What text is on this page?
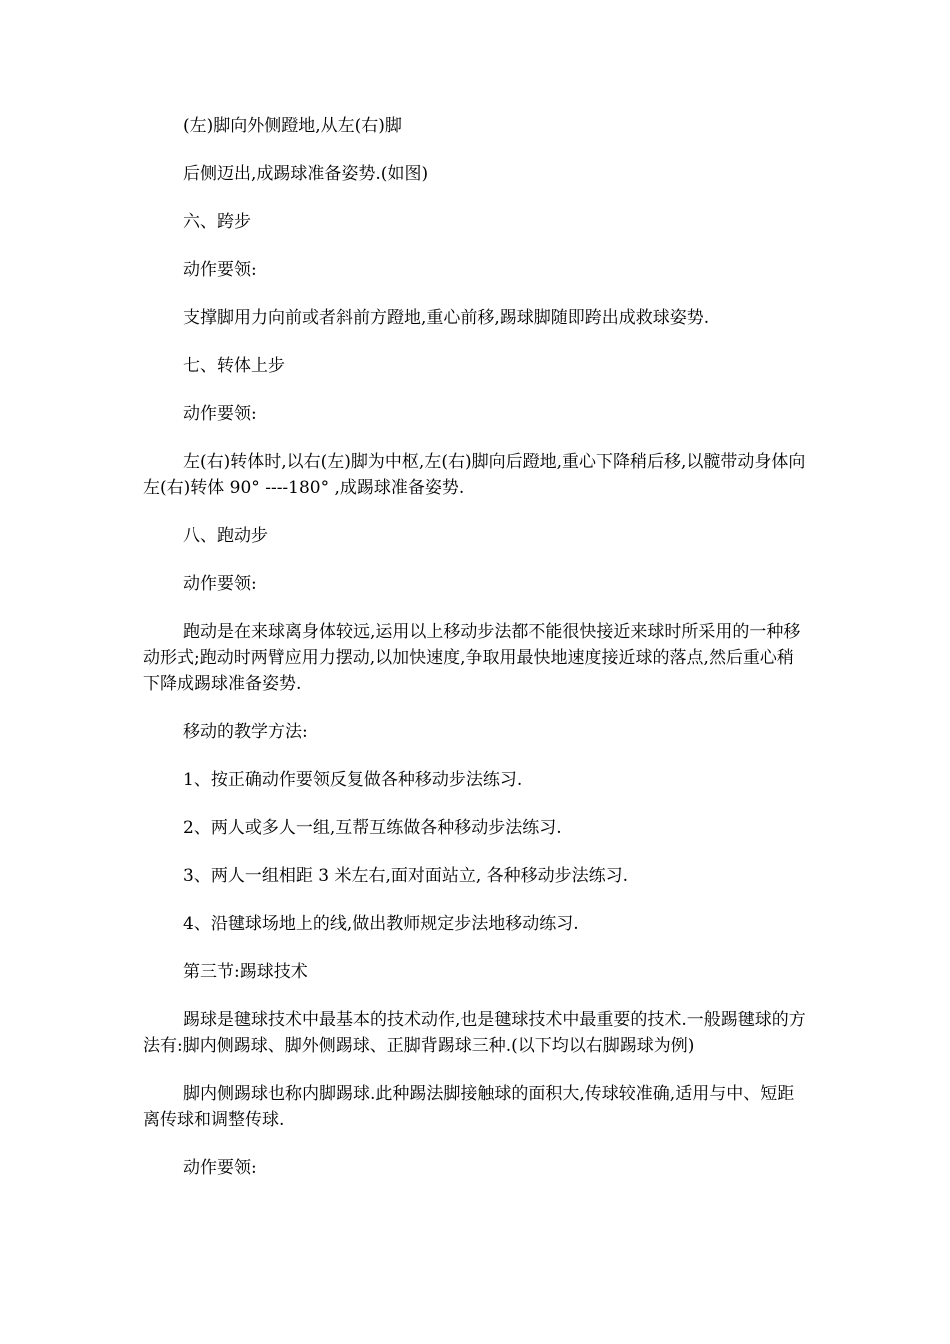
(左)脚向外侧蹬地,从左(右)脚

后侧迈出,成踢球准备姿势.(如图)

六、跨步

动作要领:

支撑脚用力向前或者斜前方蹬地,重心前移,踢球脚随即跨出成救球姿势.

七、转体上步

动作要领:

左(右)转体时,以右(左)脚为中枢,左(右)脚向后蹬地,重心下降稍后移,以髋带动身体向左(右)转体 90° ----180° ,成踢球准备姿势.

八、跑动步

动作要领:

跑动是在来球离身体较远,运用以上移动步法都不能很快接近来球时所采用的一种移动形式;跑动时两臂应用力摆动,以加快速度,争取用最快地速度接近球的落点,然后重心稍下降成踢球准备姿势.

移动的教学方法:

1、按正确动作要领反复做各种移动步法练习.

2、两人或多人一组,互帮互练做各种移动步法练习.

3、两人一组相距 3 米左右,面对面站立, 各种移动步法练习.

4、沿毽球场地上的线,做出教师规定步法地移动练习.

第三节:踢球技术

踢球是毽球技术中最基本的技术动作,也是毽球技术中最重要的技术.一般踢毽球的方法有:脚内侧踢球、脚外侧踢球、正脚背踢球三种.(以下均以右脚踢球为例)

脚内侧踢球也称内脚踢球.此种踢法脚接触球的面积大,传球较准确,适用与中、短距离传球和调整传球.

动作要领:
